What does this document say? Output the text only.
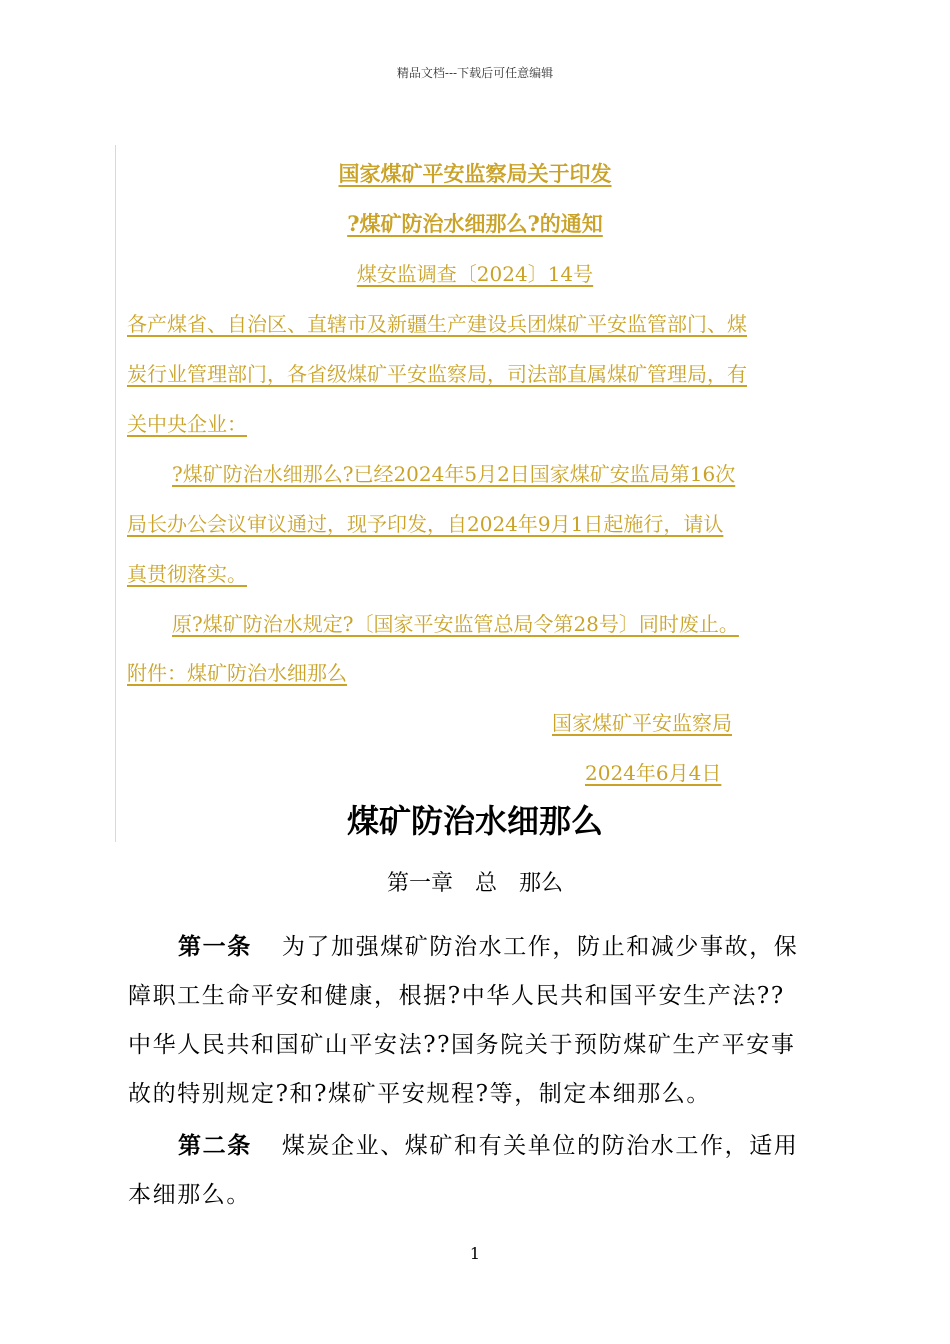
精品文档---下载后可任意编辑
国家煤矿平安监察局关于印发
?煤矿防治水细那么?的通知
煤安监调查〔2024〕14号
各产煤省、自治区、直辖市及新疆生产建设兵团煤矿平安监管部门、煤
炭行业管理部门，各省级煤矿平安监察局，司法部直属煤矿管理局，有
关中央企业：
?煤矿防治水细那么?已经2024年5月2日国家煤矿安监局第16次
局长办公会议审议通过，现予印发，自2024年9月1日起施行，请认
真贯彻落实。
原?煤矿防治水规定?〔国家平安监管总局令第28号〕同时废止。
附件：煤矿防治水细那么
国家煤矿平安监察局
2024年6月4日
煤矿防治水细那么
第一章　总　那么
第一条 为了加强煤矿防治水工作，防止和减少事故，保
障职工生命平安和健康，根据?中华人民共和国平安生产法??
中华人民共和国矿山平安法??国务院关于预防煤矿生产平安事
故的特别规定?和?煤矿平安规程?等，制定本细那么。
第二条 煤炭企业、煤矿和有关单位的防治水工作，适用
本细那么。
1
